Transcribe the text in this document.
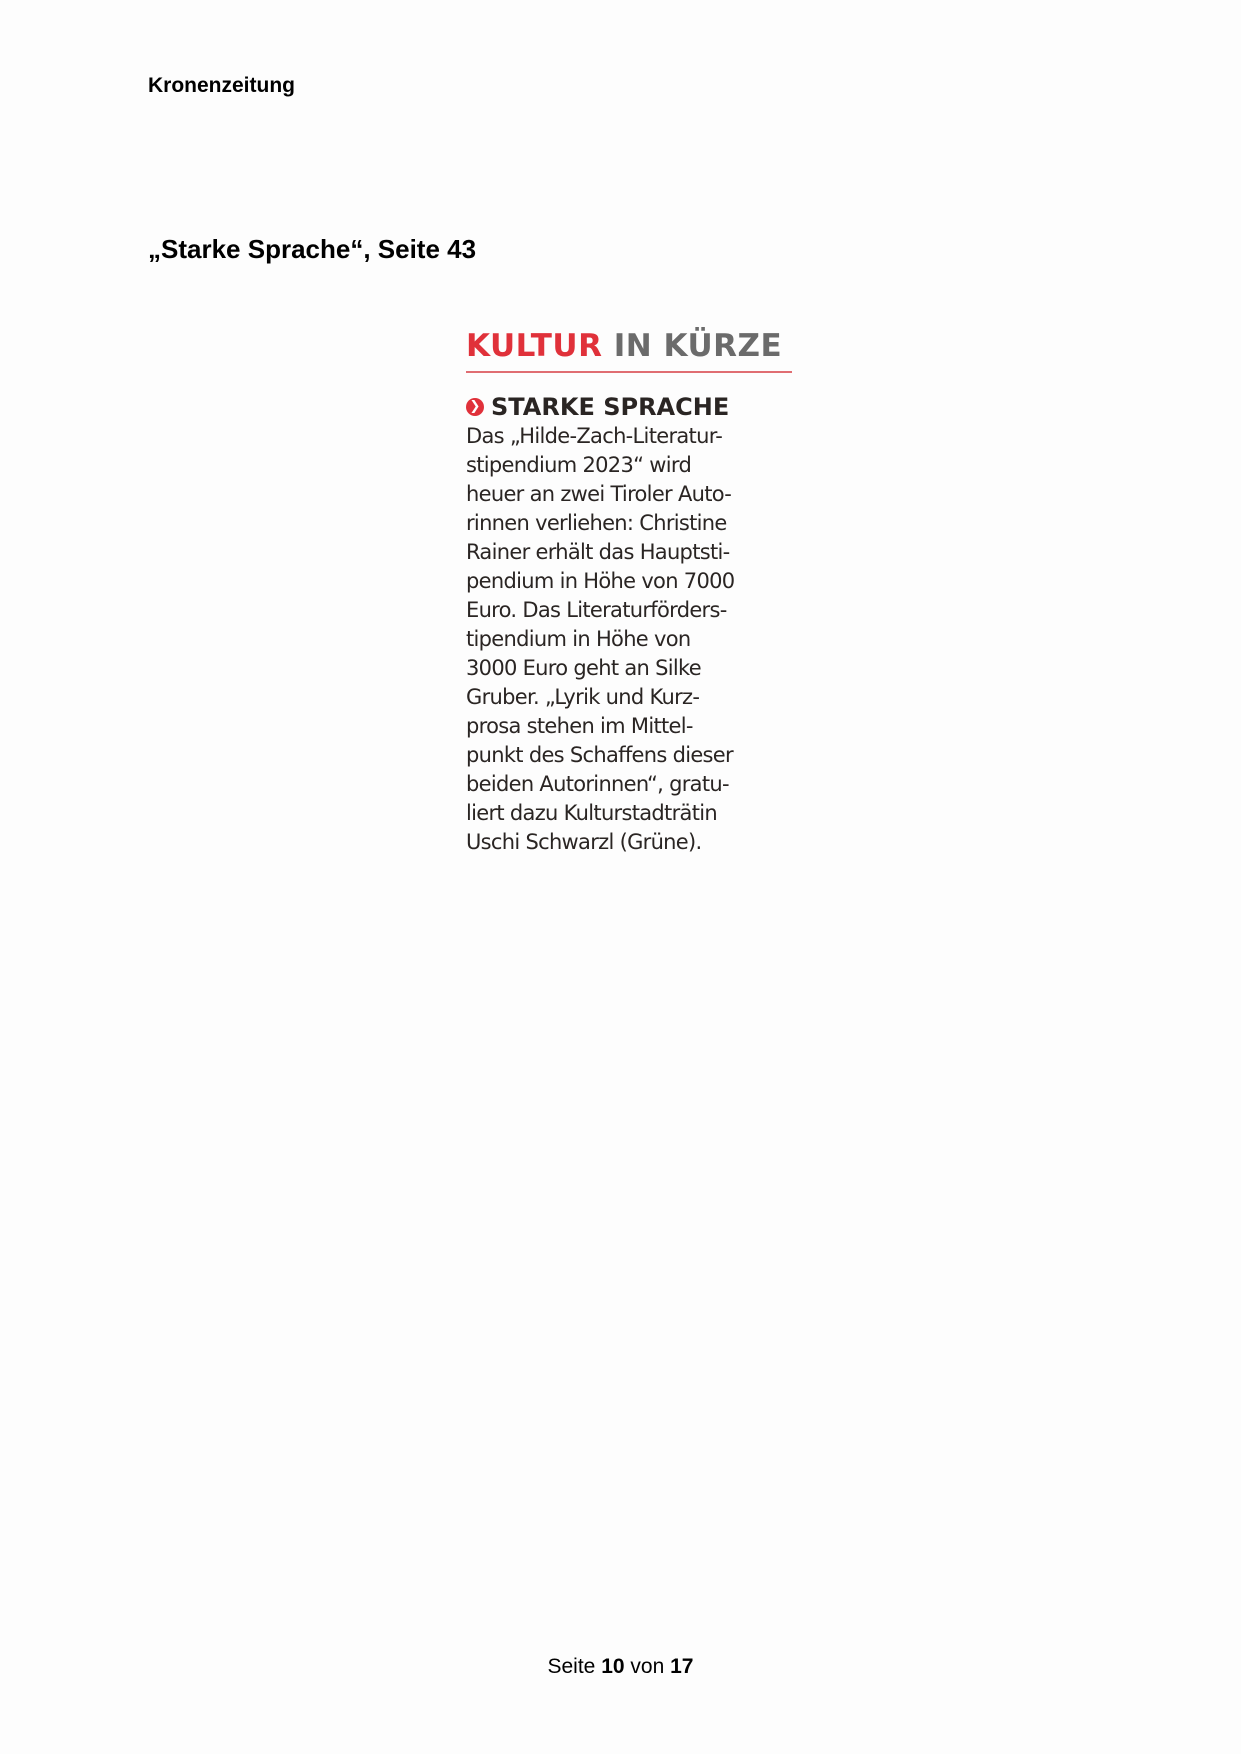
Kronenzeitung
„Starke Sprache“, Seite 43
KULTUR IN KÜRZE
❯ STARKE SPRACHE
Das „Hilde-Zach-Literatur-
stipendium 2023“ wird
heuer an zwei Tiroler Auto-
rinnen verliehen: Christine
Rainer erhält das Hauptsti-
pendium in Höhe von 7000
Euro. Das Literaturförders-
tipendium in Höhe von
3000 Euro geht an Silke
Gruber. „Lyrik und Kurz-
prosa stehen im Mittel-
punkt des Schaffens dieser
beiden Autorinnen“, gratu-
liert dazu Kulturstadträtin
Uschi Schwarzl (Grüne).
Seite 10 von 17
